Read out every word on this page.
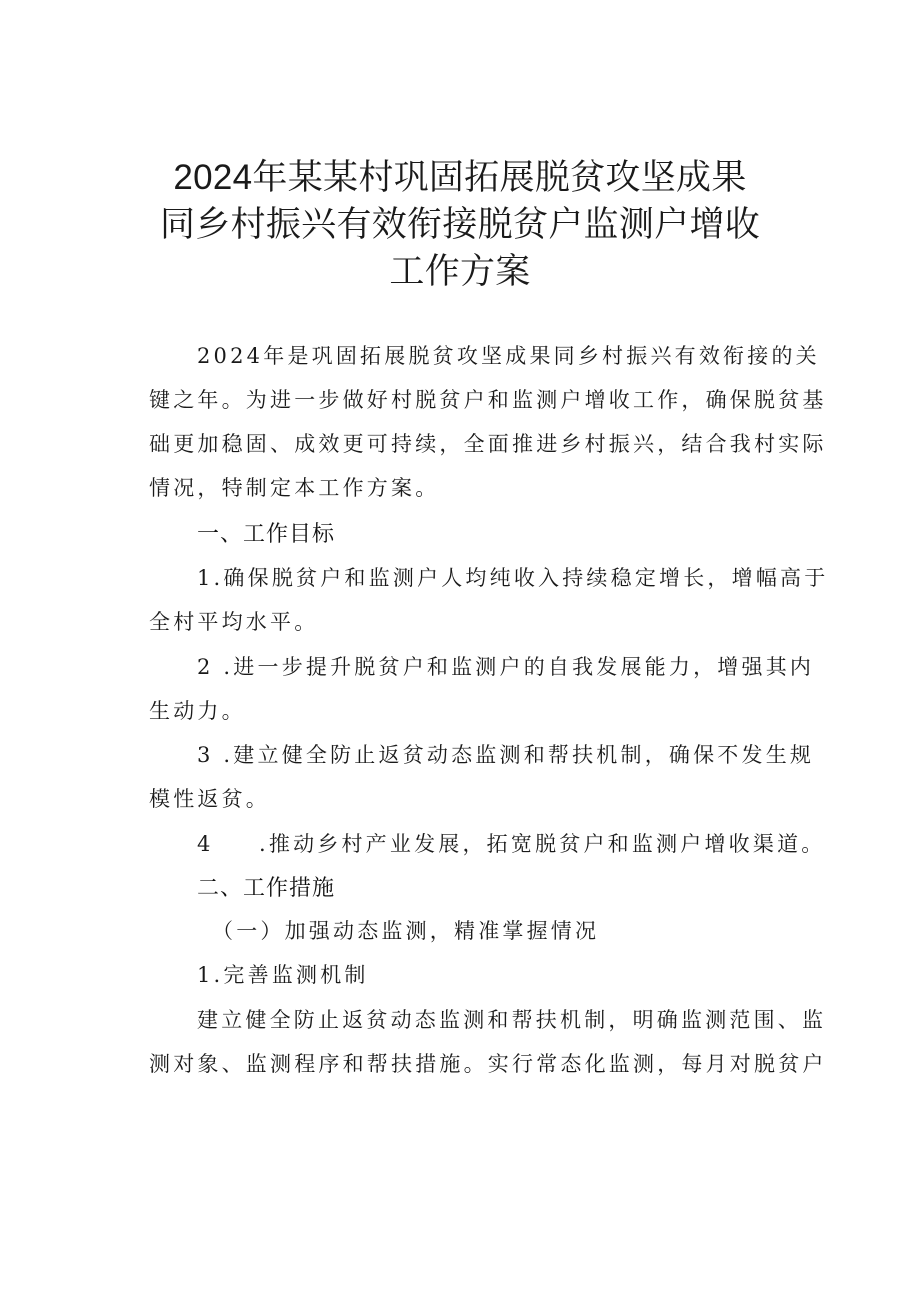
2024年某某村巩固拓展脱贫攻坚成果
同乡村振兴有效衔接脱贫户监测户增收
工作方案
2024年是巩固拓展脱贫攻坚成果同乡村振兴有效衔接的关
键之年。为进一步做好村脱贫户和监测户增收工作，确保脱贫基
础更加稳固、成效更可持续，全面推进乡村振兴，结合我村实际
情况，特制定本工作方案。
一、工作目标
1.确保脱贫户和监测户人均纯收入持续稳定增长，增幅高于
全村平均水平。
2 .进一步提升脱贫户和监测户的自我发展能力，增强其内
生动力。
3 .建立健全防止返贫动态监测和帮扶机制，确保不发生规
模性返贫。
4 .推动乡村产业发展，拓宽脱贫户和监测户增收渠道。
二、工作措施
（一）加强动态监测，精准掌握情况
1.完善监测机制
建立健全防止返贫动态监测和帮扶机制，明确监测范围、监
测对象、监测程序和帮扶措施。实行常态化监测，每月对脱贫户
